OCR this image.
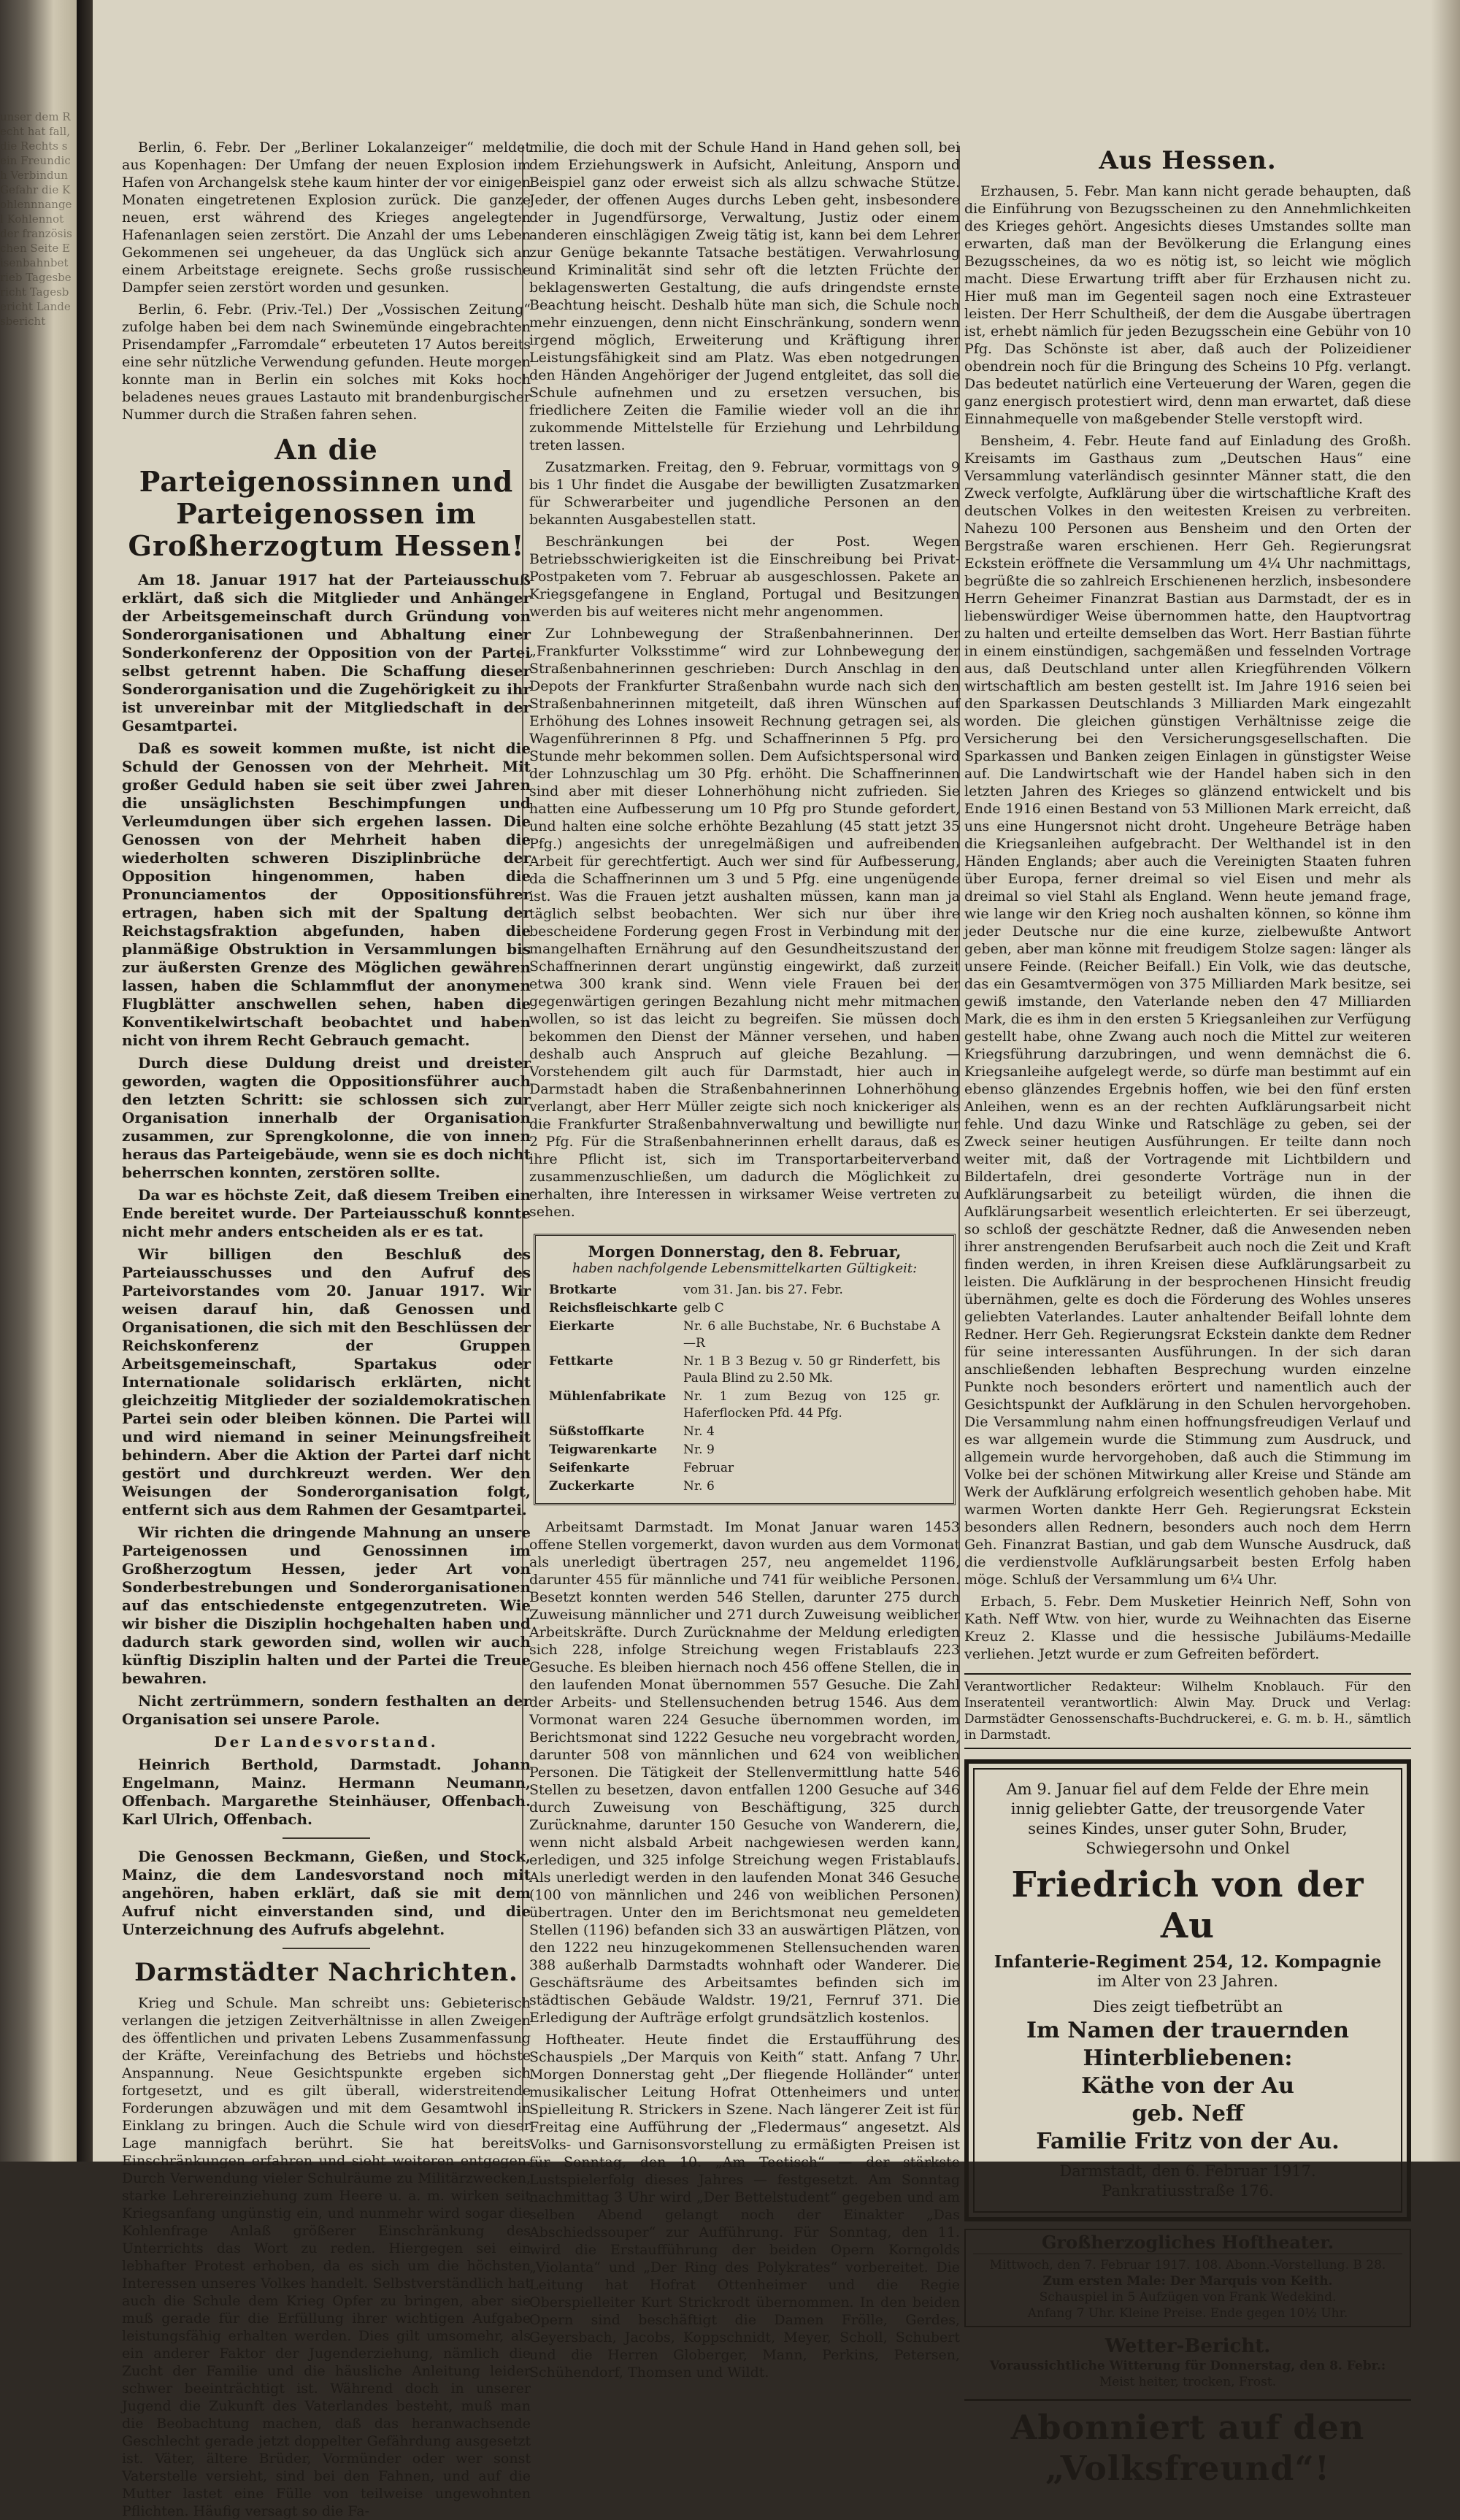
unser dem Recht hat fall, die Rechts sein Freundich Verbindun Gefahr die Kohlennnangel Kohlennot der französischen Seite Eisenbahnbetrieb Tagesbericht Tagesbericht Landesbericht

Berlin, 6. Febr. Der „Berliner Lokalanzeiger“ meldet aus Kopenhagen: Der Umfang der neuen Explosion im Hafen von Archangelsk stehe kaum hinter der vor einigen Monaten eingetretenen Explosion zurück. Die ganze neuen, erst während des Krieges angelegten Hafenanlagen seien zerstört. Die Anzahl der ums Leben Gekommenen sei ungeheuer, da das Unglück sich an einem Arbeitstage ereignete. Sechs große russische Dampfer seien zerstört worden und gesunken.

Berlin, 6. Febr. (Priv.-Tel.) Der „Vossischen Zeitung“ zufolge haben bei dem nach Swinemünde eingebrachten Prisendampfer „Farromdale“ erbeuteten 17 Autos bereits eine sehr nützliche Verwendung gefunden. Heute morgen konnte man in Berlin ein solches mit Koks hoch beladenes neues graues Lastauto mit brandenburgischer Nummer durch die Straßen fahren sehen.

An die Parteigenossinnen und Parteigenossen im Großherzogtum Hessen!

Am 18. Januar 1917 hat der Parteiausschuß erklärt, daß sich die Mitglieder und Anhänger der Arbeitsgemeinschaft durch Gründung von Sonderorganisationen und Abhaltung einer Sonderkonferenz der Opposition von der Partei selbst getrennt haben. Die Schaffung dieser Sonderorganisation und die Zugehörigkeit zu ihr ist unvereinbar mit der Mitgliedschaft in der Gesamtpartei.

Daß es soweit kommen mußte, ist nicht die Schuld der Genossen von der Mehrheit. Mit großer Geduld haben sie seit über zwei Jahren die unsäglichsten Beschimpfungen und Verleumdungen über sich ergehen lassen. Die Genossen von der Mehrheit haben die wiederholten schweren Disziplinbrüche der Opposition hingenommen, haben die Pronunciamentos der Oppositionsführer ertragen, haben sich mit der Spaltung der Reichstagsfraktion abgefunden, haben die planmäßige Obstruktion in Versammlungen bis zur äußersten Grenze des Möglichen gewähren lassen, haben die Schlammflut der anonymen Flugblätter anschwellen sehen, haben die Konventikelwirtschaft beobachtet und haben nicht von ihrem Recht Gebrauch gemacht.

Durch diese Duldung dreist und dreister geworden, wagten die Oppositionsführer auch den letzten Schritt: sie schlossen sich zur Organisation innerhalb der Organisation zusammen, zur Sprengkolonne, die von innen heraus das Parteigebäude, wenn sie es doch nicht beherrschen konnten, zerstören sollte.

Da war es höchste Zeit, daß diesem Treiben ein Ende bereitet wurde. Der Parteiausschuß konnte nicht mehr anders entscheiden als er es tat.

Wir billigen den Beschluß des Parteiausschusses und den Aufruf des Parteivorstandes vom 20. Januar 1917. Wir weisen darauf hin, daß Genossen und Organisationen, die sich mit den Beschlüssen der Reichskonferenz der Gruppen Arbeitsgemeinschaft, Spartakus oder Internationale solidarisch erklärten, nicht gleichzeitig Mitglieder der sozialdemokratischen Partei sein oder bleiben können. Die Partei will und wird niemand in seiner Meinungsfreiheit behindern. Aber die Aktion der Partei darf nicht gestört und durchkreuzt werden. Wer den Weisungen der Sonderorganisation folgt, entfernt sich aus dem Rahmen der Gesamtpartei.

Wir richten die dringende Mahnung an unsere Parteigenossen und Genossinnen im Großherzogtum Hessen, jeder Art von Sonderbestrebungen und Sonderorganisationen auf das entschiedenste entgegenzutreten. Wie wir bisher die Disziplin hochgehalten haben und dadurch stark geworden sind, wollen wir auch künftig Disziplin halten und der Partei die Treue bewahren.

Nicht zertrümmern, sondern festhalten an der Organisation sei unsere Parole.

Der Landesvorstand.

Heinrich Berthold, Darmstadt. Johann Engelmann, Mainz. Hermann Neumann, Offenbach. Margarethe Steinhäuser, Offenbach. Karl Ulrich, Offenbach.

Die Genossen Beckmann, Gießen, und Stock, Mainz, die dem Landesvorstand noch mit angehören, haben erklärt, daß sie mit dem Aufruf nicht einverstanden sind, und die Unterzeichnung des Aufrufs abgelehnt.

Darmstädter Nachrichten.

Krieg und Schule. Man schreibt uns: Gebieterisch verlangen die jetzigen Zeitverhältnisse in allen Zweigen des öffentlichen und privaten Lebens Zusammenfassung der Kräfte, Vereinfachung des Betriebs und höchste Anspannung. Neue Gesichtspunkte ergeben sich fortgesetzt, und es gilt überall, widerstreitende Forderungen abzuwägen und mit dem Gesamtwohl in Einklang zu bringen. Auch die Schule wird von dieser Lage mannigfach berührt. Sie hat bereits Einschränkungen erfahren und sieht weiteren entgegen. Durch Verwendung vieler Schulräume zu Militärzwecken, starke Lehrereinziehung zum Heere u. a. m. wirken seit Kriegsanfang ungünstig ein, und nunmehr wird sogar die Kohlenfrage Anlaß größerer Einschränkung des Unterrichts das Wort zu reden. Hiergegen sei ein lebhafter Protest erhoben, da es sich um die höchsten Interessen unseres Volkes handelt. Selbstverständlich hat auch die Schule dem Krieg Opfer zu bringen, aber sie muß gerade für die Erfüllung ihrer wichtigen Aufgabe leistungsfähig erhalten werden. Dies gilt umsomehr, als ein anderer Faktor der Jugenderziehung, nämlich die Zucht der Familie und die häusliche Anleitung leider schwer beeinträchtigt ist. Während doch in unserer Jugend die Zukunft des Vaterlandes besteht, muß man die Beobachtung machen, daß das heranwachsende Geschlecht gerade jetzt doppelter Gefährdung ausgesetzt ist. Väter, ältere Brüder, Vormünder oder wer sonst Vaterstelle versieht, sind bei den Fahnen, und auf die Mutter lastet eine Fülle von teilweise ungewohnten Pflichten. Häufig versagt so die Fa-

milie, die doch mit der Schule Hand in Hand gehen soll, bei dem Erziehungswerk in Aufsicht, Anleitung, Ansporn und Beispiel ganz oder erweist sich als allzu schwache Stütze. Jeder, der offenen Auges durchs Leben geht, insbesondere der in Jugendfürsorge, Verwaltung, Justiz oder einem anderen einschlägigen Zweig tätig ist, kann bei dem Lehrer zur Genüge bekannte Tatsache bestätigen. Verwahrlosung und Kriminalität sind sehr oft die letzten Früchte der beklagenswerten Gestaltung, die aufs dringendste ernste Beachtung heischt. Deshalb hüte man sich, die Schule noch mehr einzuengen, denn nicht Einschränkung, sondern wenn irgend möglich, Erweiterung und Kräftigung ihrer Leistungsfähigkeit sind am Platz. Was eben notgedrungen den Händen Angehöriger der Jugend entgleitet, das soll die Schule aufnehmen und zu ersetzen versuchen, bis friedlichere Zeiten die Familie wieder voll an die ihr zukommende Mittelstelle für Erziehung und Lehrbildung treten lassen.

Zusatzmarken. Freitag, den 9. Februar, vormittags von 9 bis 1 Uhr findet die Ausgabe der bewilligten Zusatzmarken für Schwerarbeiter und jugendliche Personen an den bekannten Ausgabestellen statt.

Beschränkungen bei der Post. Wegen Betriebsschwierigkeiten ist die Einschreibung bei Privat-Postpaketen vom 7. Februar ab ausgeschlossen. Pakete an Kriegsgefangene in England, Portugal und Besitzungen werden bis auf weiteres nicht mehr angenommen.

Zur Lohnbewegung der Straßenbahnerinnen. Der „Frankfurter Volksstimme“ wird zur Lohnbewegung der Straßenbahnerinnen geschrieben: Durch Anschlag in den Depots der Frankfurter Straßenbahn wurde nach sich den Straßenbahnerinnen mitgeteilt, daß ihren Wünschen auf Erhöhung des Lohnes insoweit Rechnung getragen sei, als Wagenführerinnen 8 Pfg. und Schaffnerinnen 5 Pfg. pro Stunde mehr bekommen sollen. Dem Aufsichtspersonal wird der Lohnzuschlag um 30 Pfg. erhöht. Die Schaffnerinnen sind aber mit dieser Lohnerhöhung nicht zufrieden. Sie hatten eine Aufbesserung um 10 Pfg pro Stunde gefordert, und halten eine solche erhöhte Bezahlung (45 statt jetzt 35 Pfg.) angesichts der unregelmäßigen und aufreibenden Arbeit für gerechtfertigt. Auch wer sind für Aufbesserung, da die Schaffnerinnen um 3 und 5 Pfg. eine ungenügende ist. Was die Frauen jetzt aushalten müssen, kann man ja täglich selbst beobachten. Wer sich nur über ihre bescheidene Forderung gegen Frost in Verbindung mit der mangelhaften Ernährung auf den Gesundheitszustand der Schaffnerinnen derart ungünstig eingewirkt, daß zurzeit etwa 300 krank sind. Wenn viele Frauen bei der gegenwärtigen geringen Bezahlung nicht mehr mitmachen wollen, so ist das leicht zu begreifen. Sie müssen doch bekommen den Dienst der Männer versehen, und haben deshalb auch Anspruch auf gleiche Bezahlung. — Vorstehendem gilt auch für Darmstadt, hier auch in Darmstadt haben die Straßenbahnerinnen Lohnerhöhung verlangt, aber Herr Müller zeigte sich noch knickeriger als die Frankfurter Straßenbahnverwaltung und bewilligte nur 2 Pfg. Für die Straßenbahnerinnen erhellt daraus, daß es ihre Pflicht ist, sich im Transportarbeiterverband zusammenzuschließen, um dadurch die Möglichkeit zu erhalten, ihre Interessen in wirksamer Weise vertreten zu sehen.

Morgen Donnerstag, den 8. Februar,
haben nachfolgende Lebensmittelkarten Gültigkeit:
Brotkarte	vom 31. Jan. bis 27. Febr.
Reichsfleischkarte	gelb C
Eierkarte	Nr. 6 alle Buchstabe, Nr. 6 Buchstabe A—R
Fettkarte	Nr. 1 B 3 Bezug v. 50 gr Rinderfett, bis Paula Blind zu 2.50 Mk.
Mühlenfabrikate	Nr. 1 zum Bezug von 125 gr. Haferflocken Pfd. 44 Pfg.
Süßstoffkarte	Nr. 4
Teigwarenkarte	Nr. 9
Seifenkarte	Februar
Zuckerkarte	Nr. 6

Arbeitsamt Darmstadt. Im Monat Januar waren 1453 offene Stellen vorgemerkt, davon wurden aus dem Vormonat als unerledigt übertragen 257, neu angemeldet 1196, darunter 455 für männliche und 741 für weibliche Personen. Besetzt konnten werden 546 Stellen, darunter 275 durch Zuweisung männlicher und 271 durch Zuweisung weiblicher Arbeitskräfte. Durch Zurücknahme der Meldung erledigten sich 228, infolge Streichung wegen Fristablaufs 223 Gesuche. Es bleiben hiernach noch 456 offene Stellen, die in den laufenden Monat übernommen 557 Gesuche. Die Zahl der Arbeits- und Stellensuchenden betrug 1546. Aus dem Vormonat waren 224 Gesuche übernommen worden, im Berichtsmonat sind 1222 Gesuche neu vorgebracht worden, darunter 508 von männlichen und 624 von weiblichen Personen. Die Tätigkeit der Stellenvermittlung hatte 546 Stellen zu besetzen, davon entfallen 1200 Gesuche auf 346 durch Zuweisung von Beschäftigung, 325 durch Zurücknahme, darunter 150 Gesuche von Wanderern, die, wenn nicht alsbald Arbeit nachgewiesen werden kann, erledigen, und 325 infolge Streichung wegen Fristablaufs. Als unerledigt werden in den laufenden Monat 346 Gesuche (100 von männlichen und 246 von weiblichen Personen) übertragen. Unter den im Berichtsmonat neu gemeldeten Stellen (1196) befanden sich 33 an auswärtigen Plätzen, von den 1222 neu hinzugekommenen Stellensuchenden waren 388 außerhalb Darmstadts wohnhaft oder Wanderer. Die Geschäftsräume des Arbeitsamtes befinden sich im städtischen Gebäude Waldstr. 19/21, Fernruf 371. Die Erledigung der Aufträge erfolgt grundsätzlich kostenlos.

Hoftheater. Heute findet die Erstaufführung des Schauspiels „Der Marquis von Keith“ statt. Anfang 7 Uhr. Morgen Donnerstag geht „Der fliegende Holländer“ unter musikalischer Leitung Hofrat Ottenheimers und unter Spielleitung R. Strickers in Szene. Nach längerer Zeit ist für Freitag eine Aufführung der „Fledermaus“ angesetzt. Als Volks- und Garnisonsvorstellung zu ermäßigten Preisen ist für Sonntag, den 10. „Am Teetisch“ — der stärkste Lustspielerfolg dieses Jahres — festgesetzt. Am Sonntag nachmittag 3 Uhr wird „Der Bettelstudent“ gegeben und am selben Abend gelangt noch der Einakter „Das Abschiedssouper“ zur Aufführung. Für Sonntag, den 11. wird die Erstaufführung der beiden Opern Korngolds „Violanta“ und „Der Ring des Polykrates“ vorbereitet. Die Leitung hat Hofrat Ottenheimer und die Regie Oberspielleiter Kurt Strickrodt übernommen. In den beiden Opern sind beschäftigt die Damen Frölle, Gerdes, Geyersbach, Jacobs, Koppschnidt, Meyer, Scholl, Schubert und die Herren Globerger, Mann, Perkins, Petersen, Schühendorf, Thomsen und Wildt.

Aus Hessen.

Erzhausen, 5. Febr. Man kann nicht gerade behaupten, daß die Einführung von Bezugsscheinen zu den Annehmlichkeiten des Krieges gehört. Angesichts dieses Umstandes sollte man erwarten, daß man der Bevölkerung die Erlangung eines Bezugsscheines, da wo es nötig ist, so leicht wie möglich macht. Diese Erwartung trifft aber für Erzhausen nicht zu. Hier muß man im Gegenteil sagen noch eine Extrasteuer leisten. Der Herr Schultheiß, der dem die Ausgabe übertragen ist, erhebt nämlich für jeden Bezugsschein eine Gebühr von 10 Pfg. Das Schönste ist aber, daß auch der Polizeidiener obendrein noch für die Bringung des Scheins 10 Pfg. verlangt. Das bedeutet natürlich eine Verteuerung der Waren, gegen die ganz energisch protestiert wird, denn man erwartet, daß diese Einnahmequelle von maßgebender Stelle verstopft wird.

Bensheim, 4. Febr. Heute fand auf Einladung des Großh. Kreisamts im Gasthaus zum „Deutschen Haus“ eine Versammlung vaterländisch gesinnter Männer statt, die den Zweck verfolgte, Aufklärung über die wirtschaftliche Kraft des deutschen Volkes in den weitesten Kreisen zu verbreiten. Nahezu 100 Personen aus Bensheim und den Orten der Bergstraße waren erschienen. Herr Geh. Regierungsrat Eckstein eröffnete die Versammlung um 4¼ Uhr nachmittags, begrüßte die so zahlreich Erschienenen herzlich, insbesondere Herrn Geheimer Finanzrat Bastian aus Darmstadt, der es in liebenswürdiger Weise übernommen hatte, den Hauptvortrag zu halten und erteilte demselben das Wort. Herr Bastian führte in einem einstündigen, sachgemäßen und fesselnden Vortrage aus, daß Deutschland unter allen Kriegführenden Völkern wirtschaftlich am besten gestellt ist. Im Jahre 1916 seien bei den Sparkassen Deutschlands 3 Milliarden Mark eingezahlt worden. Die gleichen günstigen Verhältnisse zeige die Versicherung bei den Versicherungsgesellschaften. Die Sparkassen und Banken zeigen Einlagen in günstigster Weise auf. Die Landwirtschaft wie der Handel haben sich in den letzten Jahren des Krieges so glänzend entwickelt und bis Ende 1916 einen Bestand von 53 Millionen Mark erreicht, daß uns eine Hungersnot nicht droht. Ungeheure Beträge haben die Kriegsanleihen aufgebracht. Der Welthandel ist in den Händen Englands; aber auch die Vereinigten Staaten fuhren über Europa, ferner dreimal so viel Eisen und mehr als dreimal so viel Stahl als England. Wenn heute jemand frage, wie lange wir den Krieg noch aushalten können, so könne ihm jeder Deutsche nur die eine kurze, zielbewußte Antwort geben, aber man könne mit freudigem Stolze sagen: länger als unsere Feinde. (Reicher Beifall.) Ein Volk, wie das deutsche, das ein Gesamtvermögen von 375 Milliarden Mark besitze, sei gewiß imstande, den Vaterlande neben den 47 Milliarden Mark, die es ihm in den ersten 5 Kriegsanleihen zur Verfügung gestellt habe, ohne Zwang auch noch die Mittel zur weiteren Kriegsführung darzubringen, und wenn demnächst die 6. Kriegsanleihe aufgelegt werde, so dürfe man bestimmt auf ein ebenso glänzendes Ergebnis hoffen, wie bei den fünf ersten Anleihen, wenn es an der rechten Aufklärungsarbeit nicht fehle. Und dazu Winke und Ratschläge zu geben, sei der Zweck seiner heutigen Ausführungen. Er teilte dann noch weiter mit, daß der Vortragende mit Lichtbildern und Bildertafeln, drei gesonderte Vorträge nun in der Aufklärungsarbeit zu beteiligt würden, die ihnen die Aufklärungsarbeit wesentlich erleichterten. Er sei überzeugt, so schloß der geschätzte Redner, daß die Anwesenden neben ihrer anstrengenden Berufsarbeit auch noch die Zeit und Kraft finden werden, in ihren Kreisen diese Aufklärungsarbeit zu leisten. Die Aufklärung in der besprochenen Hinsicht freudig übernähmen, gelte es doch die Förderung des Wohles unseres geliebten Vaterlandes. Lauter anhaltender Beifall lohnte dem Redner. Herr Geh. Regierungsrat Eckstein dankte dem Redner für seine interessanten Ausführungen. In der sich daran anschließenden lebhaften Besprechung wurden einzelne Punkte noch besonders erörtert und namentlich auch der Gesichtspunkt der Aufklärung in den Schulen hervorgehoben. Die Versammlung nahm einen hoffnungsfreudigen Verlauf und es war allgemein wurde die Stimmung zum Ausdruck, und allgemein wurde hervorgehoben, daß auch die Stimmung im Volke bei der schönen Mitwirkung aller Kreise und Stände am Werk der Aufklärung erfolgreich wesentlich gehoben habe. Mit warmen Worten dankte Herr Geh. Regierungsrat Eckstein besonders allen Rednern, besonders auch noch dem Herrn Geh. Finanzrat Bastian, und gab dem Wunsche Ausdruck, daß die verdienstvolle Aufklärungsarbeit besten Erfolg haben möge. Schluß der Versammlung um 6¼ Uhr.

Erbach, 5. Febr. Dem Musketier Heinrich Neff, Sohn von Kath. Neff Wtw. von hier, wurde zu Weihnachten das Eiserne Kreuz 2. Klasse und die hessische Jubiläums-Medaille verliehen. Jetzt wurde er zum Gefreiten befördert.

Verantwortlicher Redakteur: Wilhelm Knoblauch. Für den Inseratenteil verantwortlich: Alwin May. Druck und Verlag: Darmstädter Genossenschafts-Buchdruckerei, e. G. m. b. H., sämtlich in Darmstadt.
Am 9. Januar fiel auf dem Felde der Ehre mein innig geliebter Gatte, der treusorgende Vater seines Kindes, unser guter Sohn, Bruder, Schwiegersohn und Onkel
Friedrich von der Au
Infanterie-Regiment 254, 12. Kompagnie
im Alter von 23 Jahren.
Dies zeigt tiefbetrübt an
Im Namen der trauernden Hinterbliebenen:
Käthe von der Au
geb. Neff
Familie Fritz von der Au.
Darmstadt, den 6. Februar 1917.
Pankratiusstraße 176.
Großherzogliches Hoftheater.
Mittwoch, den 7. Februar 1917. 108. Abonn.-Vorstellung. B 28.
Zum ersten Male: Der Marquis von Keith.
Schauspiel in 5 Aufzügen von Frank Wedekind.
Anfang 7 Uhr. Kleine Preise. Ende gegen 10½ Uhr.
Wetter-Bericht.
Voraussichtliche Witterung für Donnerstag, den 8. Febr.:
Meist heiter, trocken, Frost.
Abonniert auf den „Volksfreund“!
